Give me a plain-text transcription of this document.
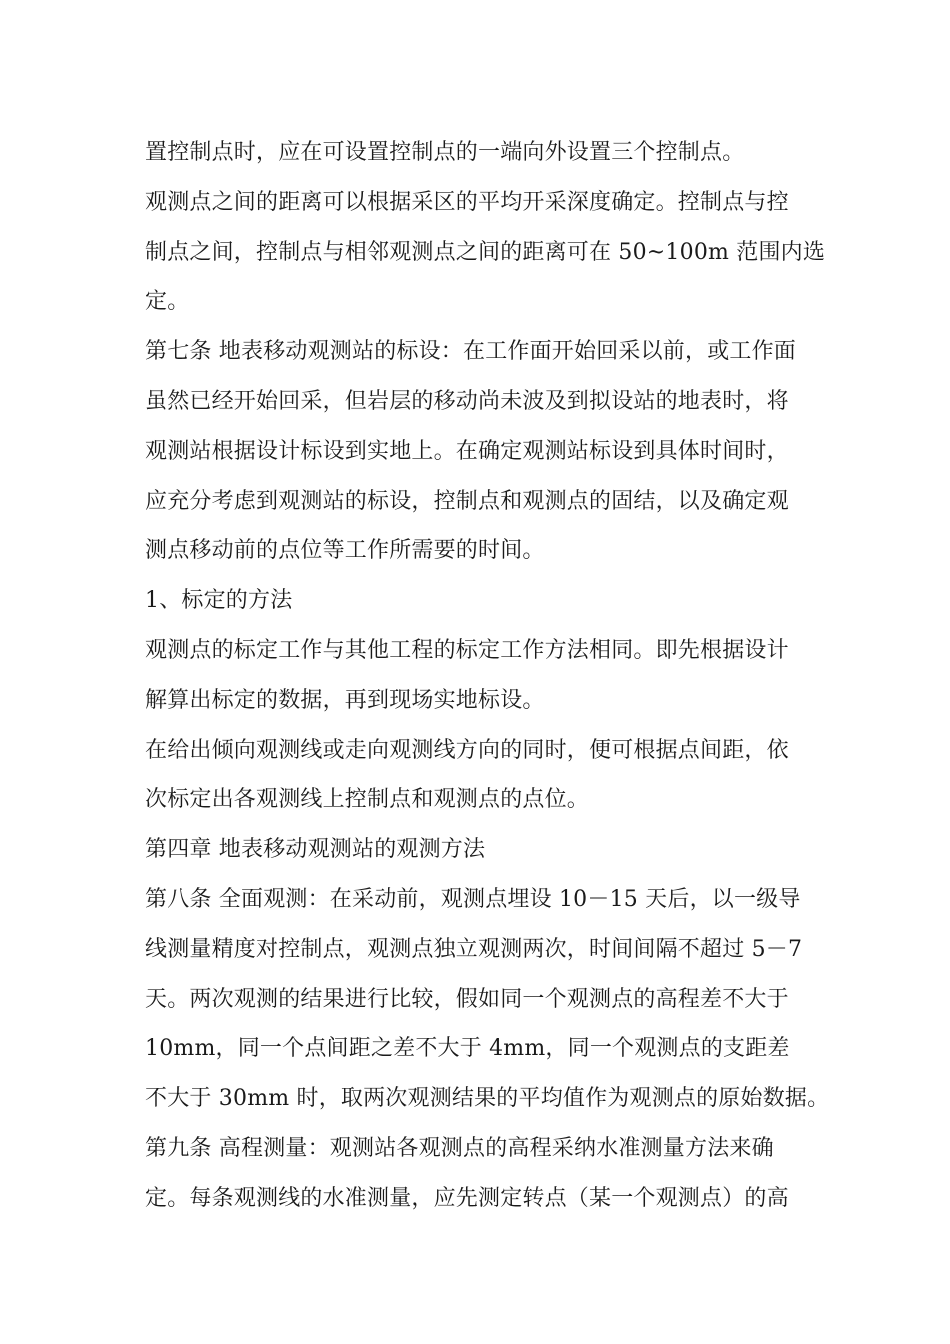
置控制点时，应在可设置控制点的一端向外设置三个控制点。
观测点之间的距离可以根据采区的平均开采深度确定。控制点与控
制点之间，控制点与相邻观测点之间的距离可在 50~100m 范围内选
定。
第七条 地表移动观测站的标设：在工作面开始回采以前，或工作面
虽然已经开始回采，但岩层的移动尚未波及到拟设站的地表时，将
观测站根据设计标设到实地上。在确定观测站标设到具体时间时，
应充分考虑到观测站的标设，控制点和观测点的固结，以及确定观
测点移动前的点位等工作所需要的时间。
1、标定的方法
观测点的标定工作与其他工程的标定工作方法相同。即先根据设计
解算出标定的数据，再到现场实地标设。
在给出倾向观测线或走向观测线方向的同时，便可根据点间距，依
次标定出各观测线上控制点和观测点的点位。
第四章 地表移动观测站的观测方法
第八条 全面观测：在采动前，观测点埋设 10－15 天后，以一级导
线测量精度对控制点，观测点独立观测两次，时间间隔不超过 5－7
天。两次观测的结果进行比较，假如同一个观测点的高程差不大于
10mm，同一个点间距之差不大于 4mm，同一个观测点的支距差
不大于 30mm 时，取两次观测结果的平均值作为观测点的原始数据。
第九条 高程测量：观测站各观测点的高程采纳水准测量方法来确
定。每条观测线的水准测量，应先测定转点（某一个观测点）的高
